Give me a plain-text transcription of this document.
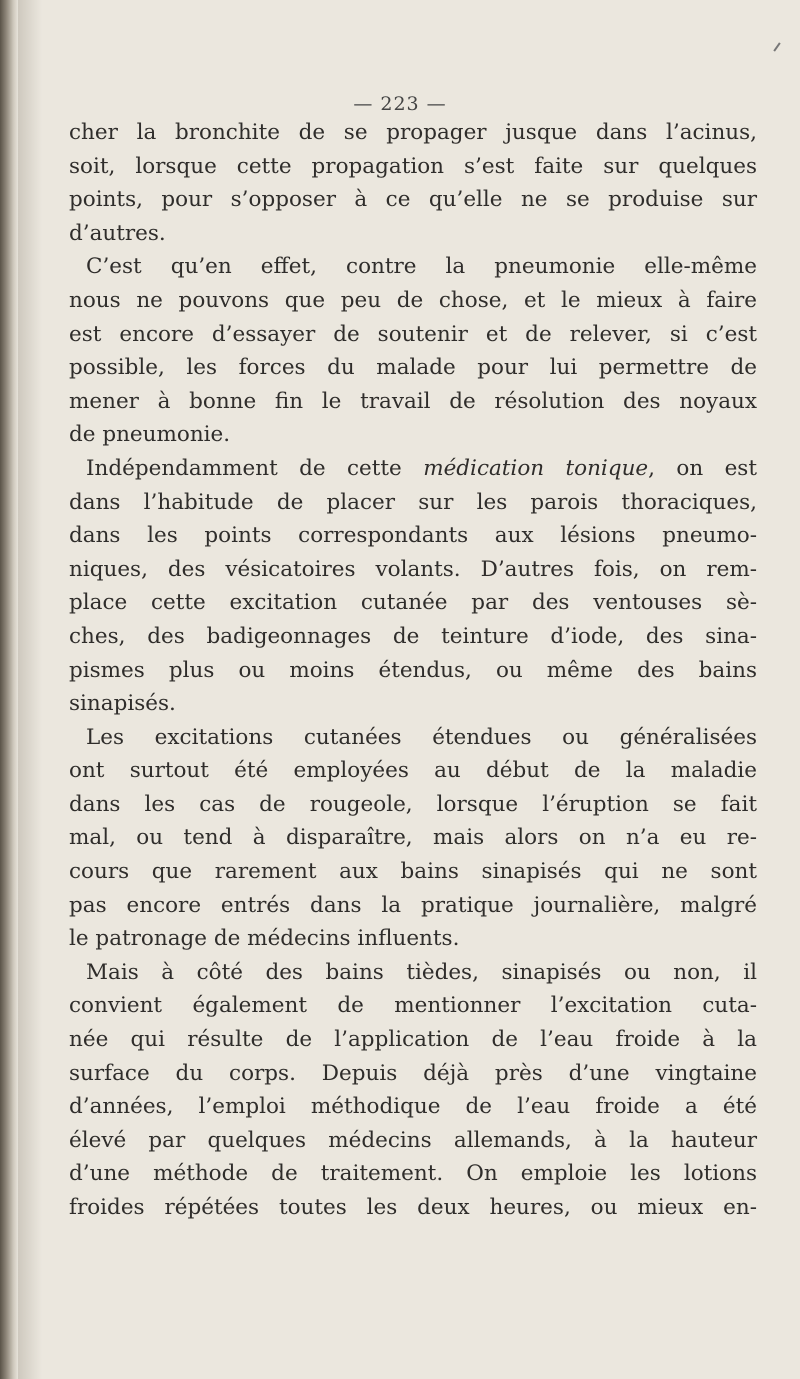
— 223 —
cher la bronchite de se propager jusque dans l’acinus,
soit, lorsque cette propagation s’est faite sur quelques
points, pour s’opposer à ce qu’elle ne se produise sur
d’autres.
C’est qu’en effet, contre la pneumonie elle-même
nous ne pouvons que peu de chose, et le mieux à faire
est encore d’essayer de soutenir et de relever, si c’est
possible, les forces du malade pour lui permettre de
mener à bonne fin le travail de résolution des noyaux
de pneumonie.
Indépendamment de cette médication tonique, on est
dans l’habitude de placer sur les parois thoraciques,
dans les points correspondants aux lésions pneumo-
niques, des vésicatoires volants. D’autres fois, on rem-
place cette excitation cutanée par des ventouses sè-
ches, des badigeonnages de teinture d’iode, des sina-
pismes plus ou moins étendus, ou même des bains
sinapisés.
Les excitations cutanées étendues ou généralisées
ont surtout été employées au début de la maladie
dans les cas de rougeole, lorsque l’éruption se fait
mal, ou tend à disparaître, mais alors on n’a eu re-
cours que rarement aux bains sinapisés qui ne sont
pas encore entrés dans la pratique journalière, malgré
le patronage de médecins influents.
Mais à côté des bains tièdes, sinapisés ou non, il
convient également de mentionner l’excitation cuta-
née qui résulte de l’application de l’eau froide à la
surface du corps. Depuis déjà près d’une vingtaine
d’années, l’emploi méthodique de l’eau froide a été
élevé par quelques médecins allemands, à la hauteur
d’une méthode de traitement. On emploie les lotions
froides répétées toutes les deux heures, ou mieux en-
